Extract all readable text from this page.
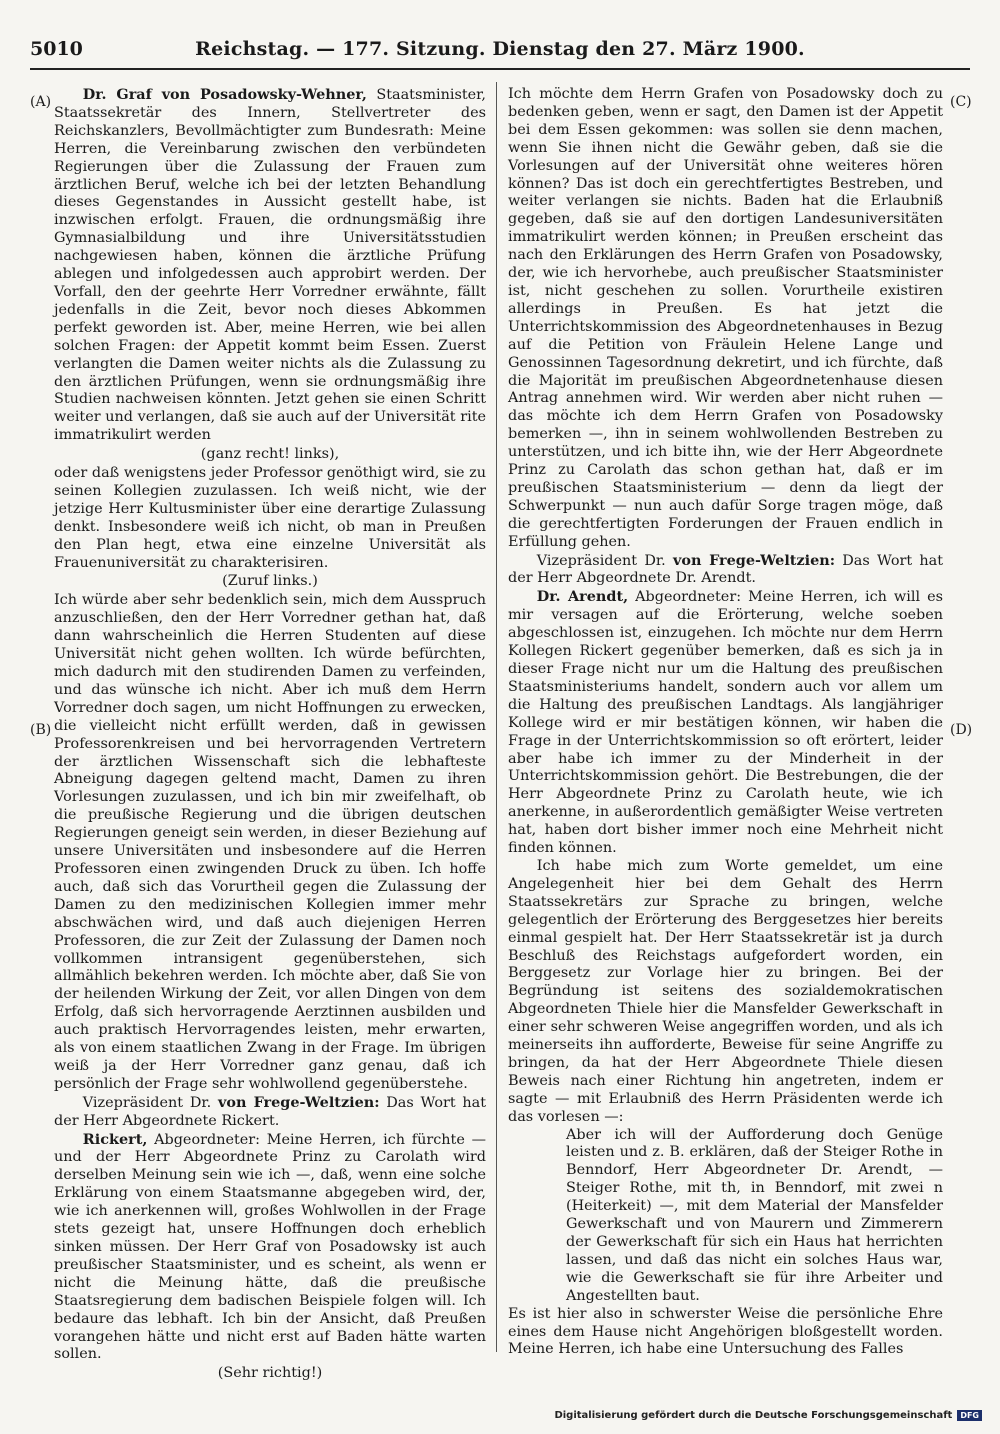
5010	Reichstag. — 177. Sitzung. Dienstag den 27. März 1900.
(A)
(B)
(C)
(D)

Dr. Graf von Posadowsky-Wehner, Staatsminister, Staatssekretär des Innern, Stellvertreter des Reichskanzlers, Bevollmächtigter zum Bundesrath: Meine Herren, die Vereinbarung zwischen den verbündeten Regierungen über die Zulassung der Frauen zum ärztlichen Beruf, welche ich bei der letzten Behandlung dieses Gegenstandes in Aussicht gestellt habe, ist inzwischen erfolgt. Frauen, die ordnungsmäßig ihre Gymnasialbildung und ihre Universitätsstudien nachgewiesen haben, können die ärztliche Prüfung ablegen und infolgedessen auch approbirt werden. Der Vorfall, den der geehrte Herr Vorredner erwähnte, fällt jedenfalls in die Zeit, bevor noch dieses Abkommen perfekt geworden ist. Aber, meine Herren, wie bei allen solchen Fragen: der Appetit kommt beim Essen. Zuerst verlangten die Damen weiter nichts als die Zulassung zu den ärztlichen Prüfungen, wenn sie ordnungsmäßig ihre Studien nachweisen könnten. Jetzt gehen sie einen Schritt weiter und verlangen, daß sie auch auf der Universität rite immatrikulirt werden

(ganz recht! links),

oder daß wenigstens jeder Professor genöthigt wird, sie zu seinen Kollegien zuzulassen. Ich weiß nicht, wie der jetzige Herr Kultusminister über eine derartige Zulassung denkt. Insbesondere weiß ich nicht, ob man in Preußen den Plan hegt, etwa eine einzelne Universität als Frauenuniversität zu charakterisiren.

(Zuruf links.)

Ich würde aber sehr bedenklich sein, mich dem Ausspruch anzuschließen, den der Herr Vorredner gethan hat, daß dann wahrscheinlich die Herren Studenten auf diese Universität nicht gehen wollten. Ich würde befürchten, mich dadurch mit den studirenden Damen zu verfeinden, und das wünsche ich nicht. Aber ich muß dem Herrn Vorredner doch sagen, um nicht Hoffnungen zu erwecken, die vielleicht nicht erfüllt werden, daß in gewissen Professorenkreisen und bei hervorragenden Vertretern der ärztlichen Wissenschaft sich die lebhafteste Abneigung dagegen geltend macht, Damen zu ihren Vorlesungen zuzulassen, und ich bin mir zweifelhaft, ob die preußische Regierung und die übrigen deutschen Regierungen geneigt sein werden, in dieser Beziehung auf unsere Universitäten und insbesondere auf die Herren Professoren einen zwingenden Druck zu üben. Ich hoffe auch, daß sich das Vorurtheil gegen die Zulassung der Damen zu den medizinischen Kollegien immer mehr abschwächen wird, und daß auch diejenigen Herren Professoren, die zur Zeit der Zulassung der Damen noch vollkommen intransigent gegenüberstehen, sich allmählich bekehren werden. Ich möchte aber, daß Sie von der heilenden Wirkung der Zeit, vor allen Dingen von dem Erfolg, daß sich hervorragende Aerztinnen ausbilden und auch praktisch Hervorragendes leisten, mehr erwarten, als von einem staatlichen Zwang in der Frage. Im übrigen weiß ja der Herr Vorredner ganz genau, daß ich persönlich der Frage sehr wohlwollend gegenüberstehe.

Vizepräsident Dr. von Frege-Weltzien: Das Wort hat der Herr Abgeordnete Rickert.

Rickert, Abgeordneter: Meine Herren, ich fürchte — und der Herr Abgeordnete Prinz zu Carolath wird derselben Meinung sein wie ich —, daß, wenn eine solche Erklärung von einem Staatsmanne abgegeben wird, der, wie ich anerkennen will, großes Wohlwollen in der Frage stets gezeigt hat, unsere Hoffnungen doch erheblich sinken müssen. Der Herr Graf von Posadowsky ist auch preußischer Staatsminister, und es scheint, als wenn er nicht die Meinung hätte, daß die preußische Staatsregierung dem badischen Beispiele folgen will. Ich bedaure das lebhaft. Ich bin der Ansicht, daß Preußen vorangehen hätte und nicht erst auf Baden hätte warten sollen.

(Sehr richtig!)

Ich möchte dem Herrn Grafen von Posadowsky doch zu bedenken geben, wenn er sagt, den Damen ist der Appetit bei dem Essen gekommen: was sollen sie denn machen, wenn Sie ihnen nicht die Gewähr geben, daß sie die Vorlesungen auf der Universität ohne weiteres hören können? Das ist doch ein gerechtfertigtes Bestreben, und weiter verlangen sie nichts. Baden hat die Erlaubniß gegeben, daß sie auf den dortigen Landesuniversitäten immatrikulirt werden können; in Preußen erscheint das nach den Erklärungen des Herrn Grafen von Posadowsky, der, wie ich hervorhebe, auch preußischer Staatsminister ist, nicht geschehen zu sollen. Vorurtheile existiren allerdings in Preußen. Es hat jetzt die Unterrichtskommission des Abgeordnetenhauses in Bezug auf die Petition von Fräulein Helene Lange und Genossinnen Tagesordnung dekretirt, und ich fürchte, daß die Majorität im preußischen Abgeordnetenhause diesen Antrag annehmen wird. Wir werden aber nicht ruhen — das möchte ich dem Herrn Grafen von Posadowsky bemerken —, ihn in seinem wohlwollenden Bestreben zu unterstützen, und ich bitte ihn, wie der Herr Abgeordnete Prinz zu Carolath das schon gethan hat, daß er im preußischen Staatsministerium — denn da liegt der Schwerpunkt — nun auch dafür Sorge tragen möge, daß die gerechtfertigten Forderungen der Frauen endlich in Erfüllung gehen.

Vizepräsident Dr. von Frege-Weltzien: Das Wort hat der Herr Abgeordnete Dr. Arendt.

Dr. Arendt, Abgeordneter: Meine Herren, ich will es mir versagen auf die Erörterung, welche soeben abgeschlossen ist, einzugehen. Ich möchte nur dem Herrn Kollegen Rickert gegenüber bemerken, daß es sich ja in dieser Frage nicht nur um die Haltung des preußischen Staatsministeriums handelt, sondern auch vor allem um die Haltung des preußischen Landtags. Als langjähriger Kollege wird er mir bestätigen können, wir haben die Frage in der Unterrichtskommission so oft erörtert, leider aber habe ich immer zu der Minderheit in der Unterrichtskommission gehört. Die Bestrebungen, die der Herr Abgeordnete Prinz zu Carolath heute, wie ich anerkenne, in außerordentlich gemäßigter Weise vertreten hat, haben dort bisher immer noch eine Mehrheit nicht finden können.

Ich habe mich zum Worte gemeldet, um eine Angelegenheit hier bei dem Gehalt des Herrn Staatssekretärs zur Sprache zu bringen, welche gelegentlich der Erörterung des Berggesetzes hier bereits einmal gespielt hat. Der Herr Staatssekretär ist ja durch Beschluß des Reichstags aufgefordert worden, ein Berggesetz zur Vorlage hier zu bringen. Bei der Begründung ist seitens des sozialdemokratischen Abgeordneten Thiele hier die Mansfelder Gewerkschaft in einer sehr schweren Weise angegriffen worden, und als ich meinerseits ihn aufforderte, Beweise für seine Angriffe zu bringen, da hat der Herr Abgeordnete Thiele diesen Beweis nach einer Richtung hin angetreten, indem er sagte — mit Erlaubniß des Herrn Präsidenten werde ich das vorlesen —:

Aber ich will der Aufforderung doch Genüge leisten und z. B. erklären, daß der Steiger Rothe in Benndorf, Herr Abgeordneter Dr. Arendt, — Steiger Rothe, mit th, in Benndorf, mit zwei n (Heiterkeit) —, mit dem Material der Mansfelder Gewerkschaft und von Maurern und Zimmerern der Gewerkschaft für sich ein Haus hat herrichten lassen, und daß das nicht ein solches Haus war, wie die Gewerkschaft sie für ihre Arbeiter und Angestellten baut.

Es ist hier also in schwerster Weise die persönliche Ehre eines dem Hause nicht Angehörigen bloßgestellt worden. Meine Herren, ich habe eine Untersuchung des Falles

Digitalisierung gefördert durch die Deutsche Forschungsgemeinschaft	DFG
